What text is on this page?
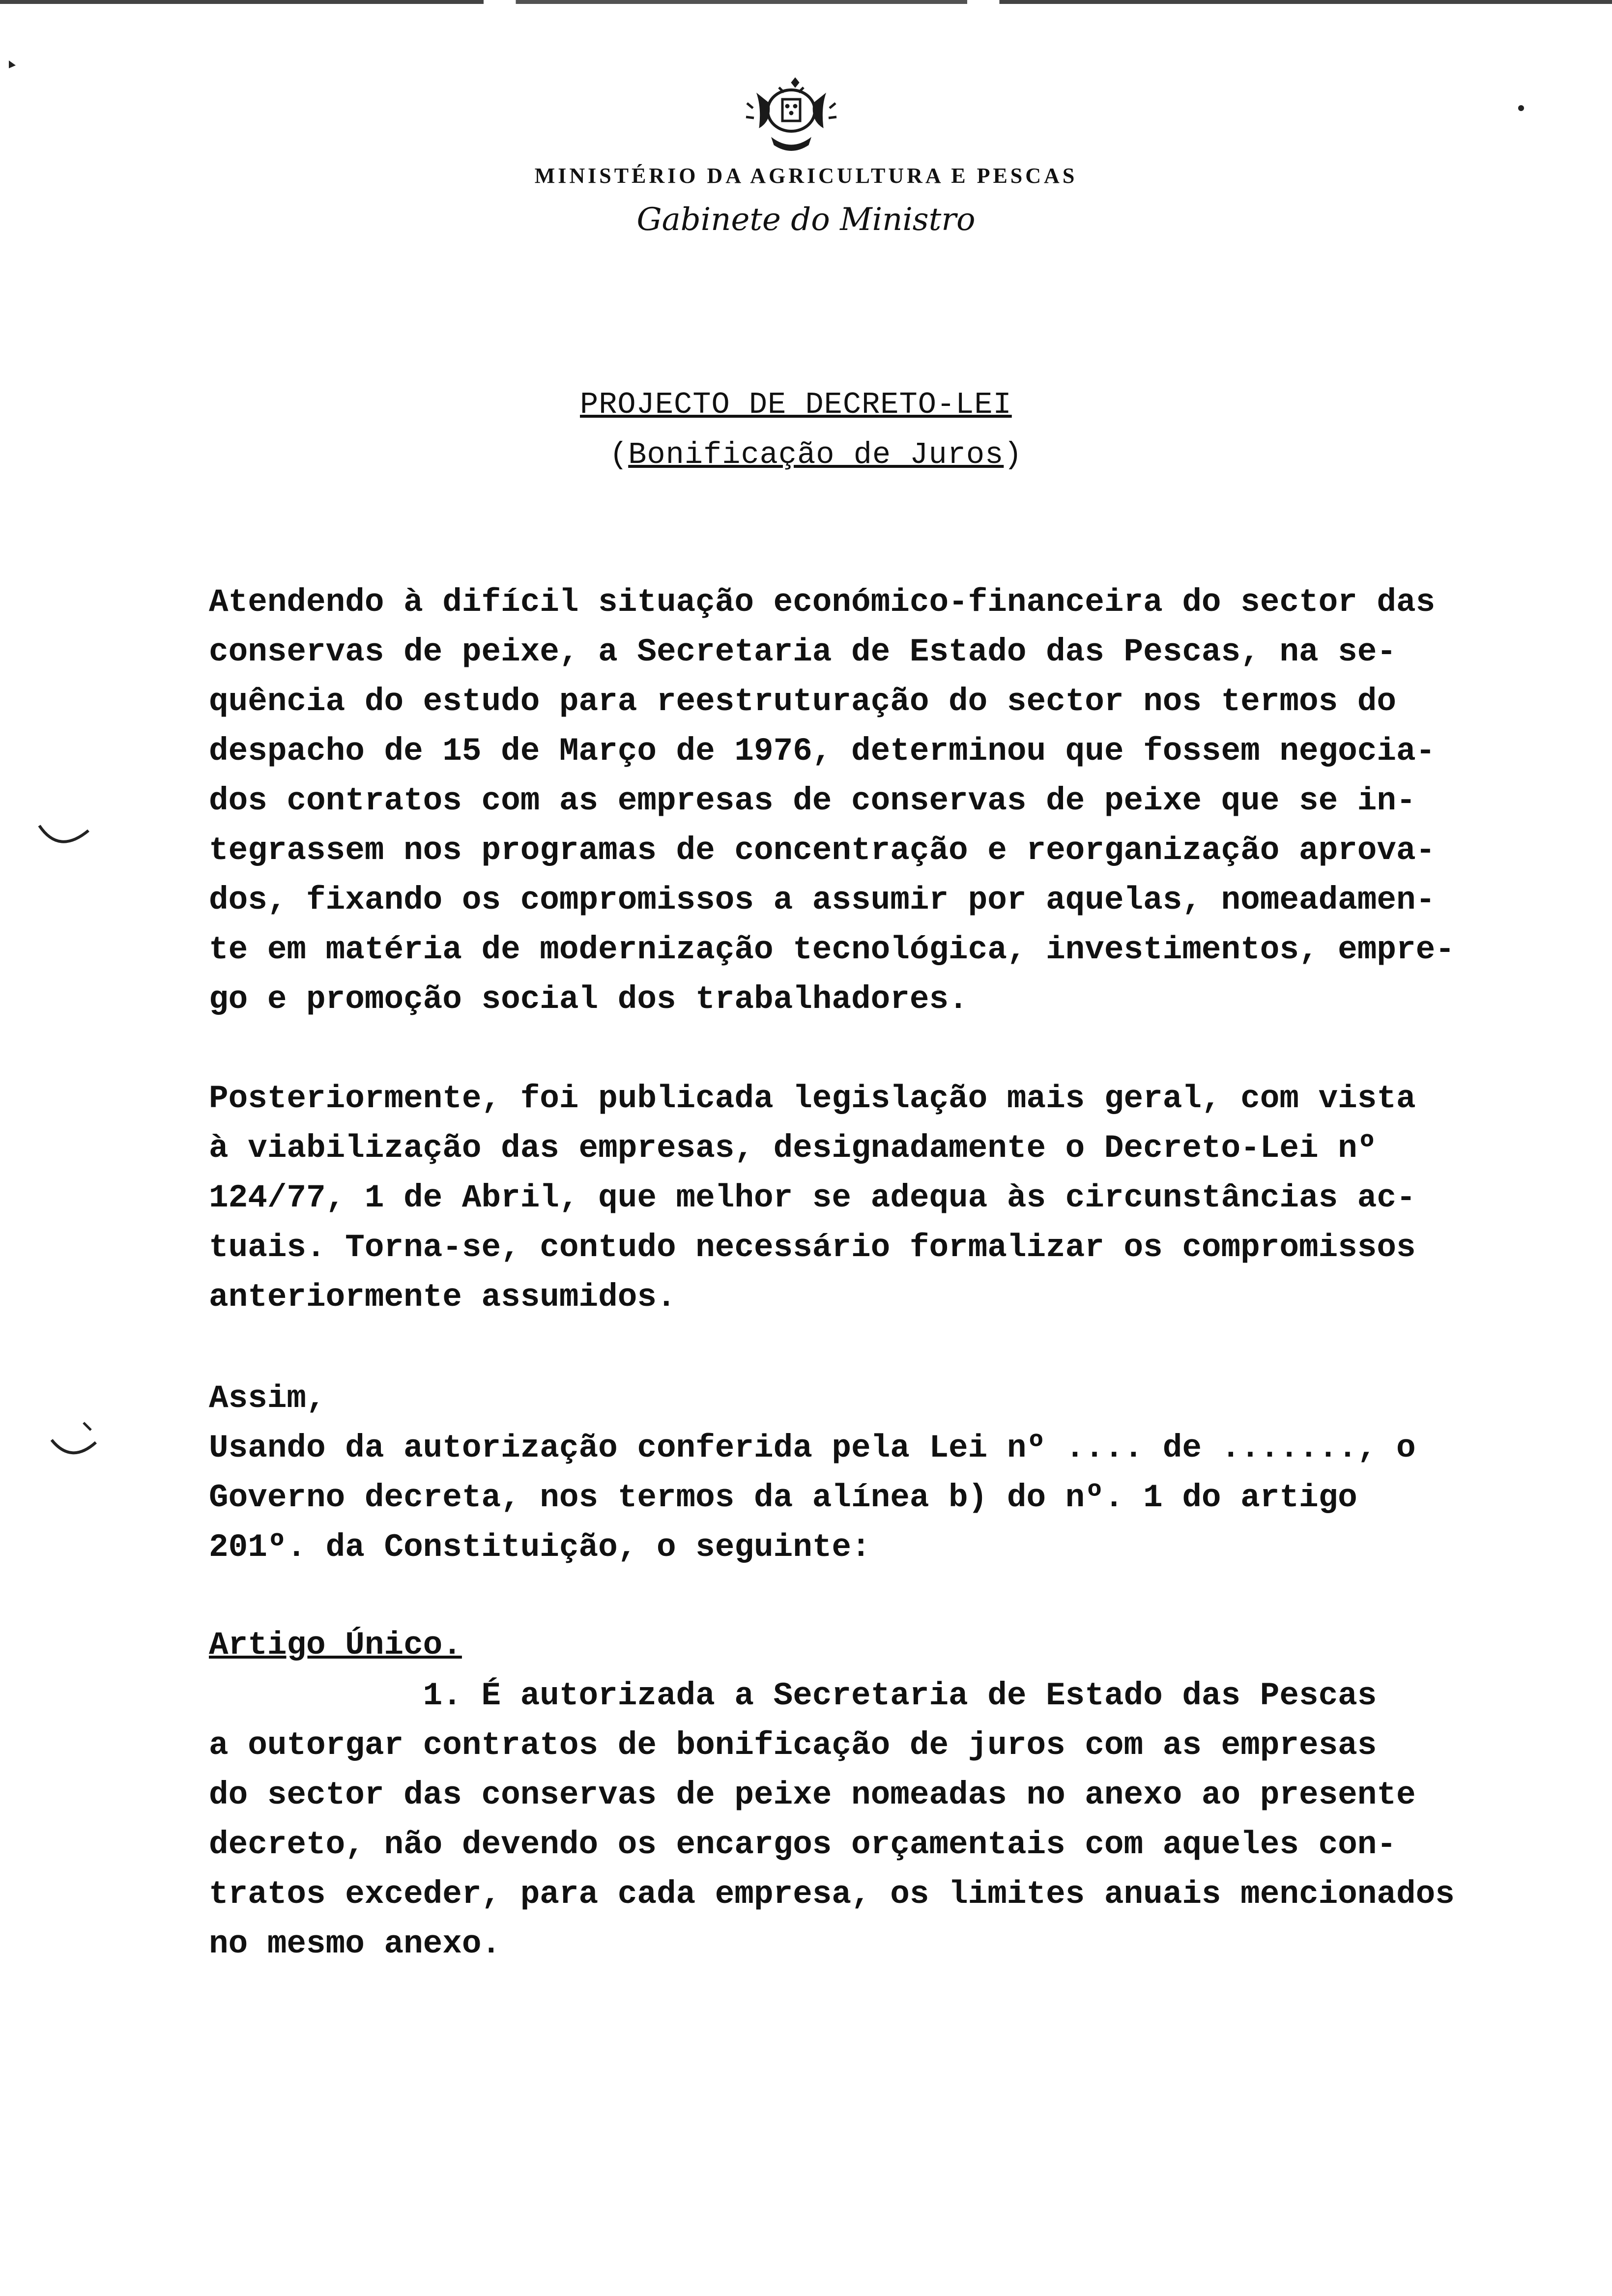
MINISTÉRIO DA AGRICULTURA E PESCAS
Gabinete do Ministro
PROJECTO DE DECRETO-LEI
(Bonificação de Juros)
Atendendo à difícil situação económico-financeira do sector das
conservas de peixe, a Secretaria de Estado das Pescas, na se-
quência do estudo para reestruturação do sector nos termos do
despacho de 15 de Março de 1976, determinou que fossem negocia-
dos contratos com as empresas de conservas de peixe que se in-
tegrassem nos programas de concentração e reorganização aprova-
dos, fixando os compromissos a assumir por aquelas, nomeadamen-
te em matéria de modernização tecnológica, investimentos, empre-
go e promoção social dos trabalhadores.
Posteriormente, foi publicada legislação mais geral, com vista
à viabilização das empresas, designadamente o Decreto-Lei nº
124/77, 1 de Abril, que melhor se adequa às circunstâncias ac-
tuais. Torna-se, contudo necessário formalizar os compromissos
anteriormente assumidos.
Assim,
Usando da autorização conferida pela Lei nº .... de ......., o
Governo decreta, nos termos da alínea b) do nº. 1 do artigo
201º. da Constituição, o seguinte:
Artigo Único.
1. É autorizada a Secretaria de Estado das Pescas
a outorgar contratos de bonificação de juros com as empresas
do sector das conservas de peixe nomeadas no anexo ao presente
decreto, não devendo os encargos orçamentais com aqueles con-
tratos exceder, para cada empresa, os limites anuais mencionados
no mesmo anexo.
